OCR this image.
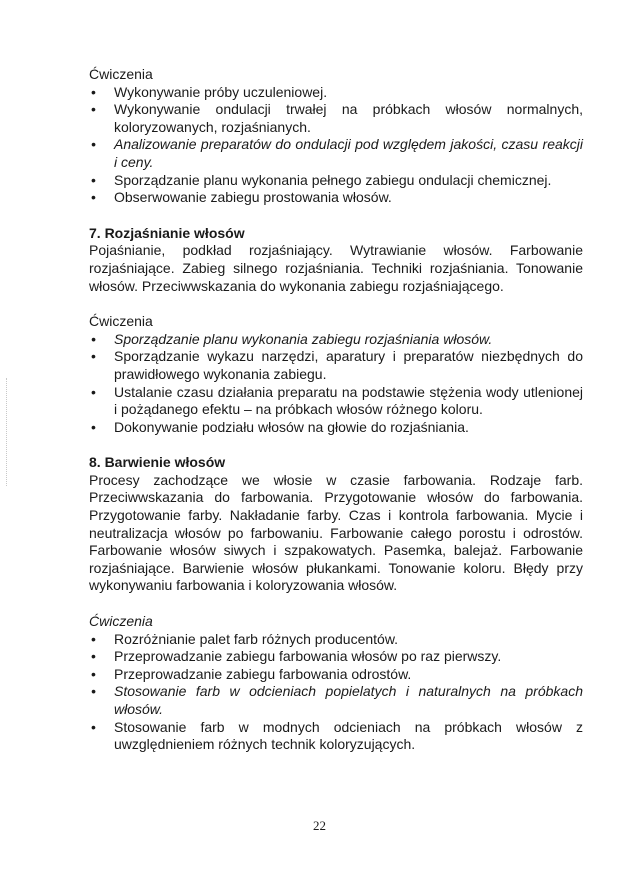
Ćwiczenia

• Wykonywanie próby uczuleniowej.
• Wykonywanie ondulacji trwałej na próbkach włosów normalnych, koloryzowanych, rozjaśnianych.
• Analizowanie preparatów do ondulacji pod względem jakości, czasu reakcji i ceny.
• Sporządzanie planu wykonania pełnego zabiegu ondulacji chemicznej.
• Obserwowanie zabiegu prostowania włosów.

7. Rozjaśnianie włosów

Pojaśnianie, podkład rozjaśniający. Wytrawianie włosów. Farbowanie rozjaśniające. Zabieg silnego rozjaśniania. Techniki rozjaśniania. Tonowanie włosów. Przeciwwskazania do wykonania zabiegu rozjaśniającego.

Ćwiczenia

• Sporządzanie planu wykonania zabiegu rozjaśniania włosów.
• Sporządzanie wykazu narzędzi, aparatury i preparatów niezbędnych do prawidłowego wykonania zabiegu.
• Ustalanie czasu działania preparatu na podstawie stężenia wody utlenionej i pożądanego efektu – na próbkach włosów różnego koloru.
• Dokonywanie podziału włosów na głowie do rozjaśniania.

8. Barwienie włosów

Procesy zachodzące we włosie w czasie farbowania. Rodzaje farb. Przeciwwskazania do farbowania. Przygotowanie włosów do farbowania. Przygotowanie farby. Nakładanie farby. Czas i kontrola farbowania. Mycie i neutralizacja włosów po farbowaniu. Farbowanie całego porostu i odrostów. Farbowanie włosów siwych i szpakowatych. Pasemka, balejaż. Farbowanie rozjaśniające. Barwienie włosów płukankami. Tonowanie koloru. Błędy przy wykonywaniu farbowania i koloryzowania włosów.

Ćwiczenia

• Rozróżnianie palet farb różnych producentów.
• Przeprowadzanie zabiegu farbowania włosów po raz pierwszy.
• Przeprowadzanie zabiegu farbowania odrostów.
• Stosowanie farb w odcieniach popielatych i naturalnych na próbkach włosów.
• Stosowanie farb w modnych odcieniach na próbkach włosów z uwzględnieniem różnych technik koloryzujących.
22
